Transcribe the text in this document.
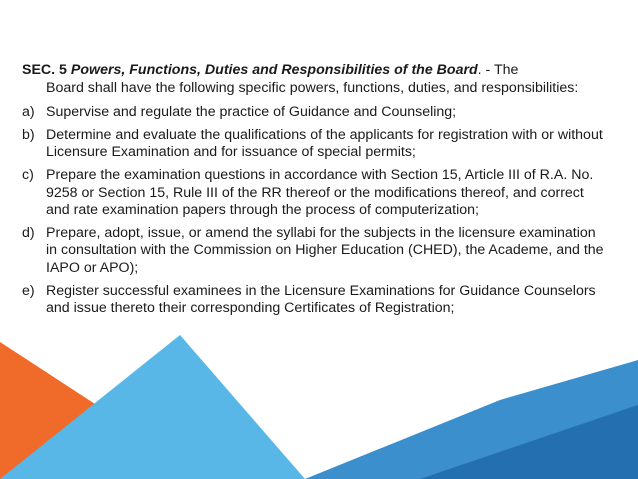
SEC. 5 Powers, Functions, Duties and Responsibilities of the Board. - The
Board shall have the following specific powers, functions, duties, and responsibilities:
a) Supervise and regulate the practice of Guidance and Counseling;
b) Determine and evaluate the qualifications of the applicants for registration with or without Licensure Examination and for issuance of special permits;
c) Prepare the examination questions in accordance with Section 15, Article III of R.A. No. 9258 or Section 15, Rule III of the RR thereof or the modifications thereof, and correct and rate examination papers through the process of computerization;
d) Prepare, adopt, issue, or amend the syllabi for the subjects in the licensure examination in consultation with the Commission on Higher Education (CHED), the Academe, and the IAPO or APO);
e) Register successful examinees in the Licensure Examinations for Guidance Counselors and issue thereto their corresponding Certificates of Registration;
